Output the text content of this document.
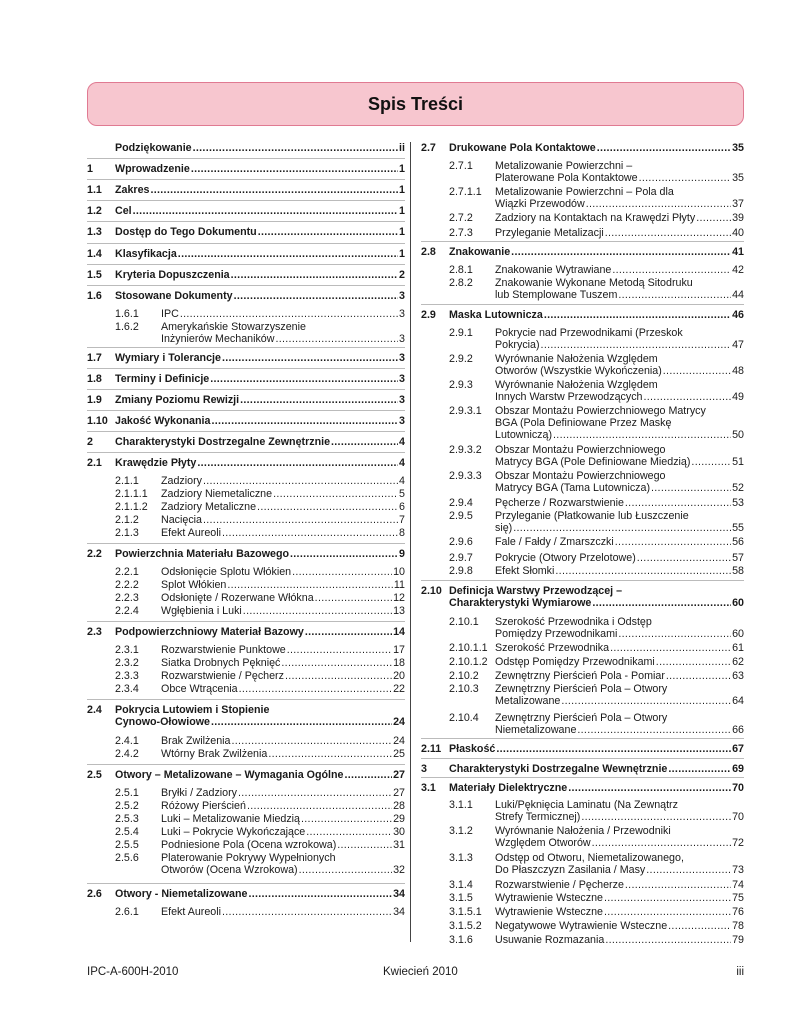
Spis Treści
Podziękowanie .....	ii
1	Wprowadzenie .....	1
1.1	Zakres .....	1
1.2	Cel .....	1
1.3	Dostęp do Tego Dokumentu .....	1
1.4	Klasyfikacja .....	1
1.5	Kryteria Dopuszczenia .....	2
1.6	Stosowane Dokumenty .....	3
1.6.1	IPC .....	3
1.6.2	Amerykańskie Stowarzyszenie
Inżynierów Mechaników .....	3
1.7	Wymiary i Tolerancje .....	3
1.8	Terminy i Definicje .....	3
1.9	Zmiany Poziomu Rewizji .....	3
1.10 Jakość Wykonania .....	3
2	Charakterystyki Dostrzegalne Zewnętrznie .....	4
2.1	Krawędzie Płyty .....	4
2.1.1	Zadziory .....	4
2.1.1.1	Zadziory Niemetaliczne .....	5
2.1.1.2	Zadziory Metaliczne .....	6
2.1.2	Nacięcia .....	7
2.1.3	Efekt Aureoli .....	8
2.2	Powierzchnia Materiału Bazowego .....	9
2.2.1	Odsłonięcie Splotu Włókien .....	10
2.2.2	Splot Włókien .....	11
2.2.3	Odsłonięte / Rozerwane Włókna .....	12
2.2.4	Wgłębienia i Luki .....	13
2.3	Podpowierzchniowy Materiał Bazowy .....	14
2.3.1	Rozwarstwienie Punktowe .....	17
2.3.2	Siatka Drobnych Pęknięć .....	18
2.3.3	Rozwarstwienie / Pęcherz .....	20
2.3.4	Obce Wtrącenia .....	22
2.4	Pokrycia Lutowiem i Stopienie
Cynowo-Ołowiowe .....	24
2.4.1	Brak Zwilżenia .....	24
2.4.2	Wtórny Brak Zwilżenia .....	25
2.5	Otwory – Metalizowane – Wymagania Ogólne .....	27
2.5.1	Bryłki / Zadziory .....	27
2.5.2	Różowy Pierścień .....	28
2.5.3	Luki – Metalizowanie Miedzią .....	29
2.5.4	Luki – Pokrycie Wykończające .....	30
2.5.5	Podniesione Pola (Ocena wzrokowa) .....	31
2.5.6	Platerowanie Pokrywy Wypełnionych
Otworów (Ocena Wzrokowa) .....	32
2.6	Otwory - Niemetalizowane .....	34
2.6.1	Efekt Aureoli .....	34
2.7	Drukowane Pola Kontaktowe .....	35
2.7.1	Metalizowanie Powierzchni –
Platerowane Pola Kontaktowe .....	35
2.7.1.1	Metalizowanie Powierzchni – Pola dla
Wiązki Przewodów .....	37
2.7.2	Zadziory na Kontaktach na Krawędzi Płyty .....	39
2.7.3	Przyleganie Metalizacji .....	40
2.8	Znakowanie .....	41
2.8.1	Znakowanie Wytrawiane .....	42
2.8.2	Znakowanie Wykonane Metodą Sitodruku
lub Stemplowane Tuszem .....	44
2.9	Maska Lutownicza .....	46
2.9.1	Pokrycie nad Przewodnikami (Przeskok
Pokrycia) .....	47
2.9.2	Wyrównanie Nałożenia Względem
Otworów (Wszystkie Wykończenia) .....	48
2.9.3	Wyrównanie Nałożenia Względem
Innych Warstw Przewodzących .....	49
2.9.3.1	Obszar Montażu Powierzchniowego Matrycy
BGA (Pola Definiowane Przez Maskę
Lutowniczą) .....	50
2.9.3.2	Obszar Montażu Powierzchniowego
Matrycy BGA (Pole Definiowane Miedzią) .....	51
2.9.3.3	Obszar Montażu Powierzchniowego
Matrycy BGA (Tama Lutownicza) .....	52
2.9.4	Pęcherze / Rozwarstwienie .....	53
2.9.5	Przyleganie (Płatkowanie lub Łuszczenie
się) .....	55
2.9.6	Fale / Fałdy / Zmarszczki .....	56
2.9.7	Pokrycie (Otwory Przelotowe) .....	57
2.9.8	Efekt Słomki .....	58
2.10 Definicja Warstwy Przewodzącej –
Charakterystyki Wymiarowe .....	60
2.10.1	Szerokość Przewodnika i Odstęp
Pomiędzy Przewodnikami .....	60
2.10.1.1 Szerokość Przewodnika .....	61
2.10.1.2 Odstęp Pomiędzy Przewodnikami .....	62
2.10.2	Zewnętrzny Pierścień Pola - Pomiar .....	63
2.10.3	Zewnętrzny Pierścień Pola – Otwory
Metalizowane .....	64
2.10.4	Zewnętrzny Pierścień Pola – Otwory
Niemetalizowane .....	66
2.11 Płaskość .....	67
3	Charakterystyki Dostrzegalne Wewnętrznie .....	69
3.1	Materiały Dielektryczne .....	70
3.1.1	Luki/Pęknięcia Laminatu (Na Zewnątrz
Strefy Termicznej) .....	70
3.1.2	Wyrównanie Nałożenia / Przewodniki
Względem Otworów .....	72
3.1.3	Odstęp od Otworu, Niemetalizowanego,
Do Płaszczyzn Zasilania / Masy .....	73
3.1.4	Rozwarstwienie / Pęcherze .....	74
3.1.5	Wytrawienie Wsteczne .....	75
3.1.5.1	Wytrawienie Wsteczne .....	76
3.1.5.2	Negatywowe Wytrawienie Wsteczne .....	78
3.1.6	Usuwanie Rozmazania .....	79
IPC-A-600H-2010	Kwiecień 2010	iii
